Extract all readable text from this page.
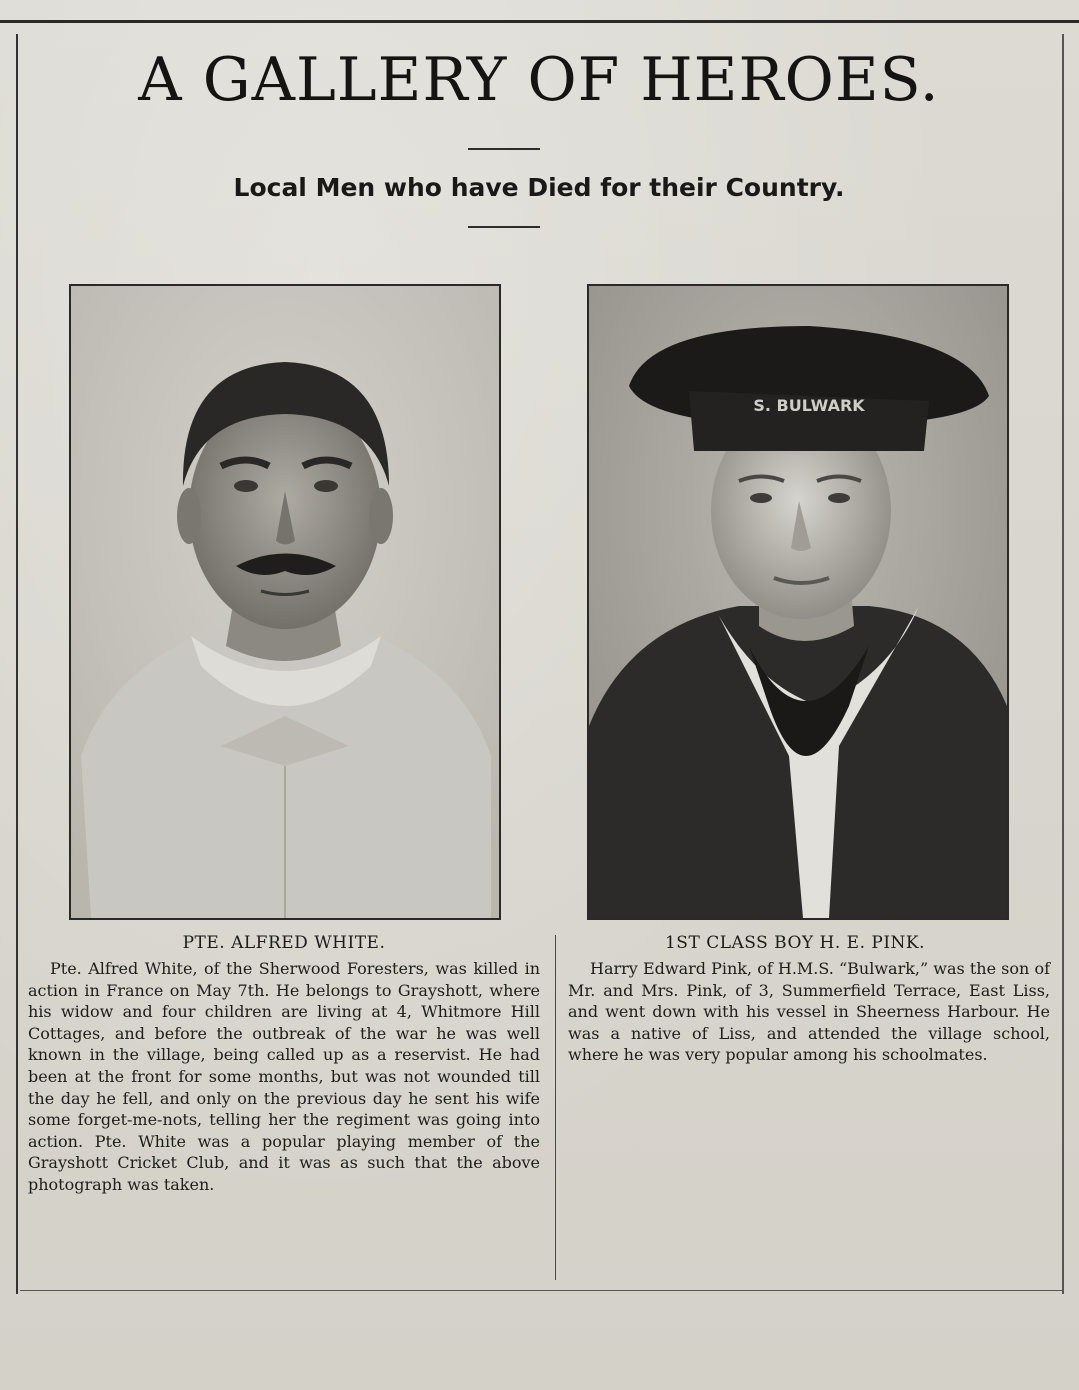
A GALLERY OF HEROES.
Local Men who have Died for their Country.
S. BULWARK
PTE. ALFRED WHITE.	1ST CLASS BOY H. E. PINK.
Pte. Alfred White, of the Sherwood Foresters, was killed in action in France on May 7th. He belongs to Grayshott, where his widow and four children are living at 4, Whitmore Hill Cottages, and before the outbreak of the war he was well known in the village, being called up as a reservist. He had been at the front for some months, but was not wounded till the day he fell, and only on the previous day he sent his wife some forget-me-nots, telling her the regiment was going into action. Pte. White was a popular playing member of the Grayshott Cricket Club, and it was as such that the above photograph was taken.
Harry Edward Pink, of H.M.S. “Bulwark,” was the son of Mr. and Mrs. Pink, of 3, Summerfield Terrace, East Liss, and went down with his vessel in Sheerness Harbour. He was a native of Liss, and attended the village school, where he was very popular among his schoolmates.
